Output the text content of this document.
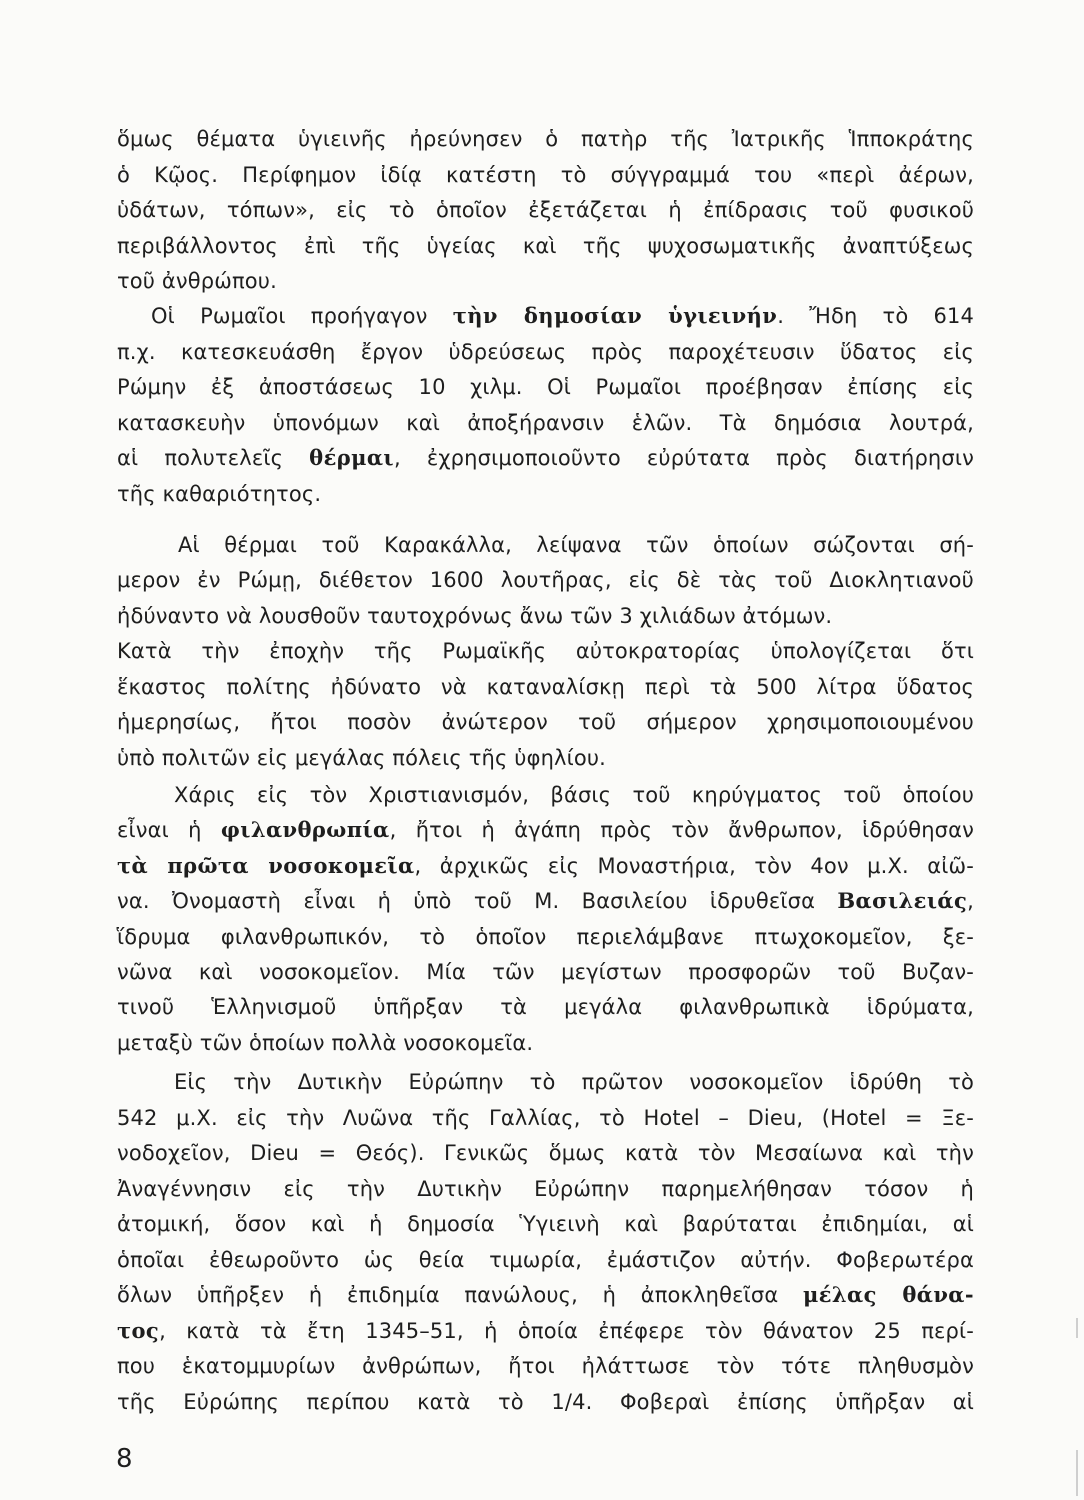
ὅμως θέματα ὑγιεινῆς ἠρεύνησεν ὁ πατὴρ τῆς Ἰατρικῆς Ἱπποκράτης
ὁ Κῷος. Περίφημον ἰδίᾳ κατέστη τὸ σύγγραμμά του «περὶ ἀέρων,
ὑδάτων, τόπων», εἰς τὸ ὁποῖον ἐξετάζεται ἡ ἐπίδρασις τοῦ φυσικοῦ
περιβάλλοντος ἐπὶ τῆς ὑγείας καὶ τῆς ψυχοσωματικῆς ἀναπτύξεως
τοῦ ἀνθρώπου.
Οἱ Ρωμαῖοι προήγαγον τὴν δημοσίαν ὑγιεινήν. Ἤδη τὸ 614
π.χ. κατεσκευάσθη ἔργον ὑδρεύσεως πρὸς παροχέτευσιν ὕδατος εἰς
Ρώμην ἐξ ἀποστάσεως 10 χιλμ. Οἱ Ρωμαῖοι προέβησαν ἐπίσης εἰς
κατασκευὴν ὑπονόμων καὶ ἀποξήρανσιν ἑλῶν. Τὰ δημόσια λουτρά,
αἱ πολυτελεῖς θέρμαι, ἐχρησιμοποιοῦντο εὐρύτατα πρὸς διατήρησιν
τῆς καθαριότητος.
Αἱ θέρμαι τοῦ Καρακάλλα, λείψανα τῶν ὁποίων σώζονται σή-
μερον ἐν Ρώμῃ, διέθετον 1600 λουτῆρας, εἰς δὲ τὰς τοῦ Διοκλητιανοῦ
ἠδύναντο νὰ λουσθοῦν ταυτοχρόνως ἄνω τῶν 3 χιλιάδων ἀτόμων.
Κατὰ τὴν ἐποχὴν τῆς Ρωμαϊκῆς αὐτοκρατορίας ὑπολογίζεται ὅτι
ἕκαστος πολίτης ἠδύνατο νὰ καταναλίσκῃ περὶ τὰ 500 λίτρα ὕδατος
ἡμερησίως, ἤτοι ποσὸν ἀνώτερον τοῦ σήμερον χρησιμοποιουμένου
ὑπὸ πολιτῶν εἰς μεγάλας πόλεις τῆς ὑφηλίου.
Χάρις εἰς τὸν Χριστιανισμόν, βάσις τοῦ κηρύγματος τοῦ ὁποίου
εἶναι ἡ φιλανθρωπία, ἤτοι ἡ ἀγάπη πρὸς τὸν ἄνθρωπον, ἱδρύθησαν
τὰ πρῶτα νοσοκομεῖα, ἀρχικῶς εἰς Μοναστήρια, τὸν 4ον μ.Χ. αἰῶ-
να. Ὀνομαστὴ εἶναι ἡ ὑπὸ τοῦ Μ. Βασιλείου ἱδρυθεῖσα Βασιλειάς,
ἵδρυμα φιλανθρωπικόν, τὸ ὁποῖον περιελάμβανε πτωχοκομεῖον, ξε-
νῶνα καὶ νοσοκομεῖον. Μία τῶν μεγίστων προσφορῶν τοῦ Βυζαν-
τινοῦ Ἑλληνισμοῦ ὑπῆρξαν τὰ μεγάλα φιλανθρωπικὰ ἱδρύματα,
μεταξὺ τῶν ὁποίων πολλὰ νοσοκομεῖα.
Εἰς τὴν Δυτικὴν Εὐρώπην τὸ πρῶτον νοσοκομεῖον ἱδρύθη τὸ
542 μ.Χ. εἰς τὴν Λυῶνα τῆς Γαλλίας, τὸ Hotel – Dieu, (Hotel = Ξε-
νοδοχεῖον, Dieu = Θεός). Γενικῶς ὅμως κατὰ τὸν Μεσαίωνα καὶ τὴν
Ἀναγέννησιν εἰς τὴν Δυτικὴν Εὐρώπην παρημελήθησαν τόσον ἡ
ἀτομική, ὅσον καὶ ἡ δημοσία Ὑγιεινὴ καὶ βαρύταται ἐπιδημίαι, αἱ
ὁποῖαι ἐθεωροῦντο ὡς θεία τιμωρία, ἐμάστιζον αὐτήν. Φοβερωτέρα
ὅλων ὑπῆρξεν ἡ ἐπιδημία πανώλους, ἡ ἀποκληθεῖσα μέλας θάνα-
τος, κατὰ τὰ ἔτη 1345–51, ἡ ὁποία ἐπέφερε τὸν θάνατον 25 περί-
που ἑκατομμυρίων ἀνθρώπων, ἤτοι ἠλάττωσε τὸν τότε πληθυσμὸν
τῆς Εὐρώπης περίπου κατὰ τὸ 1/4. Φοβεραὶ ἐπίσης ὑπῆρξαν αἱ
8
